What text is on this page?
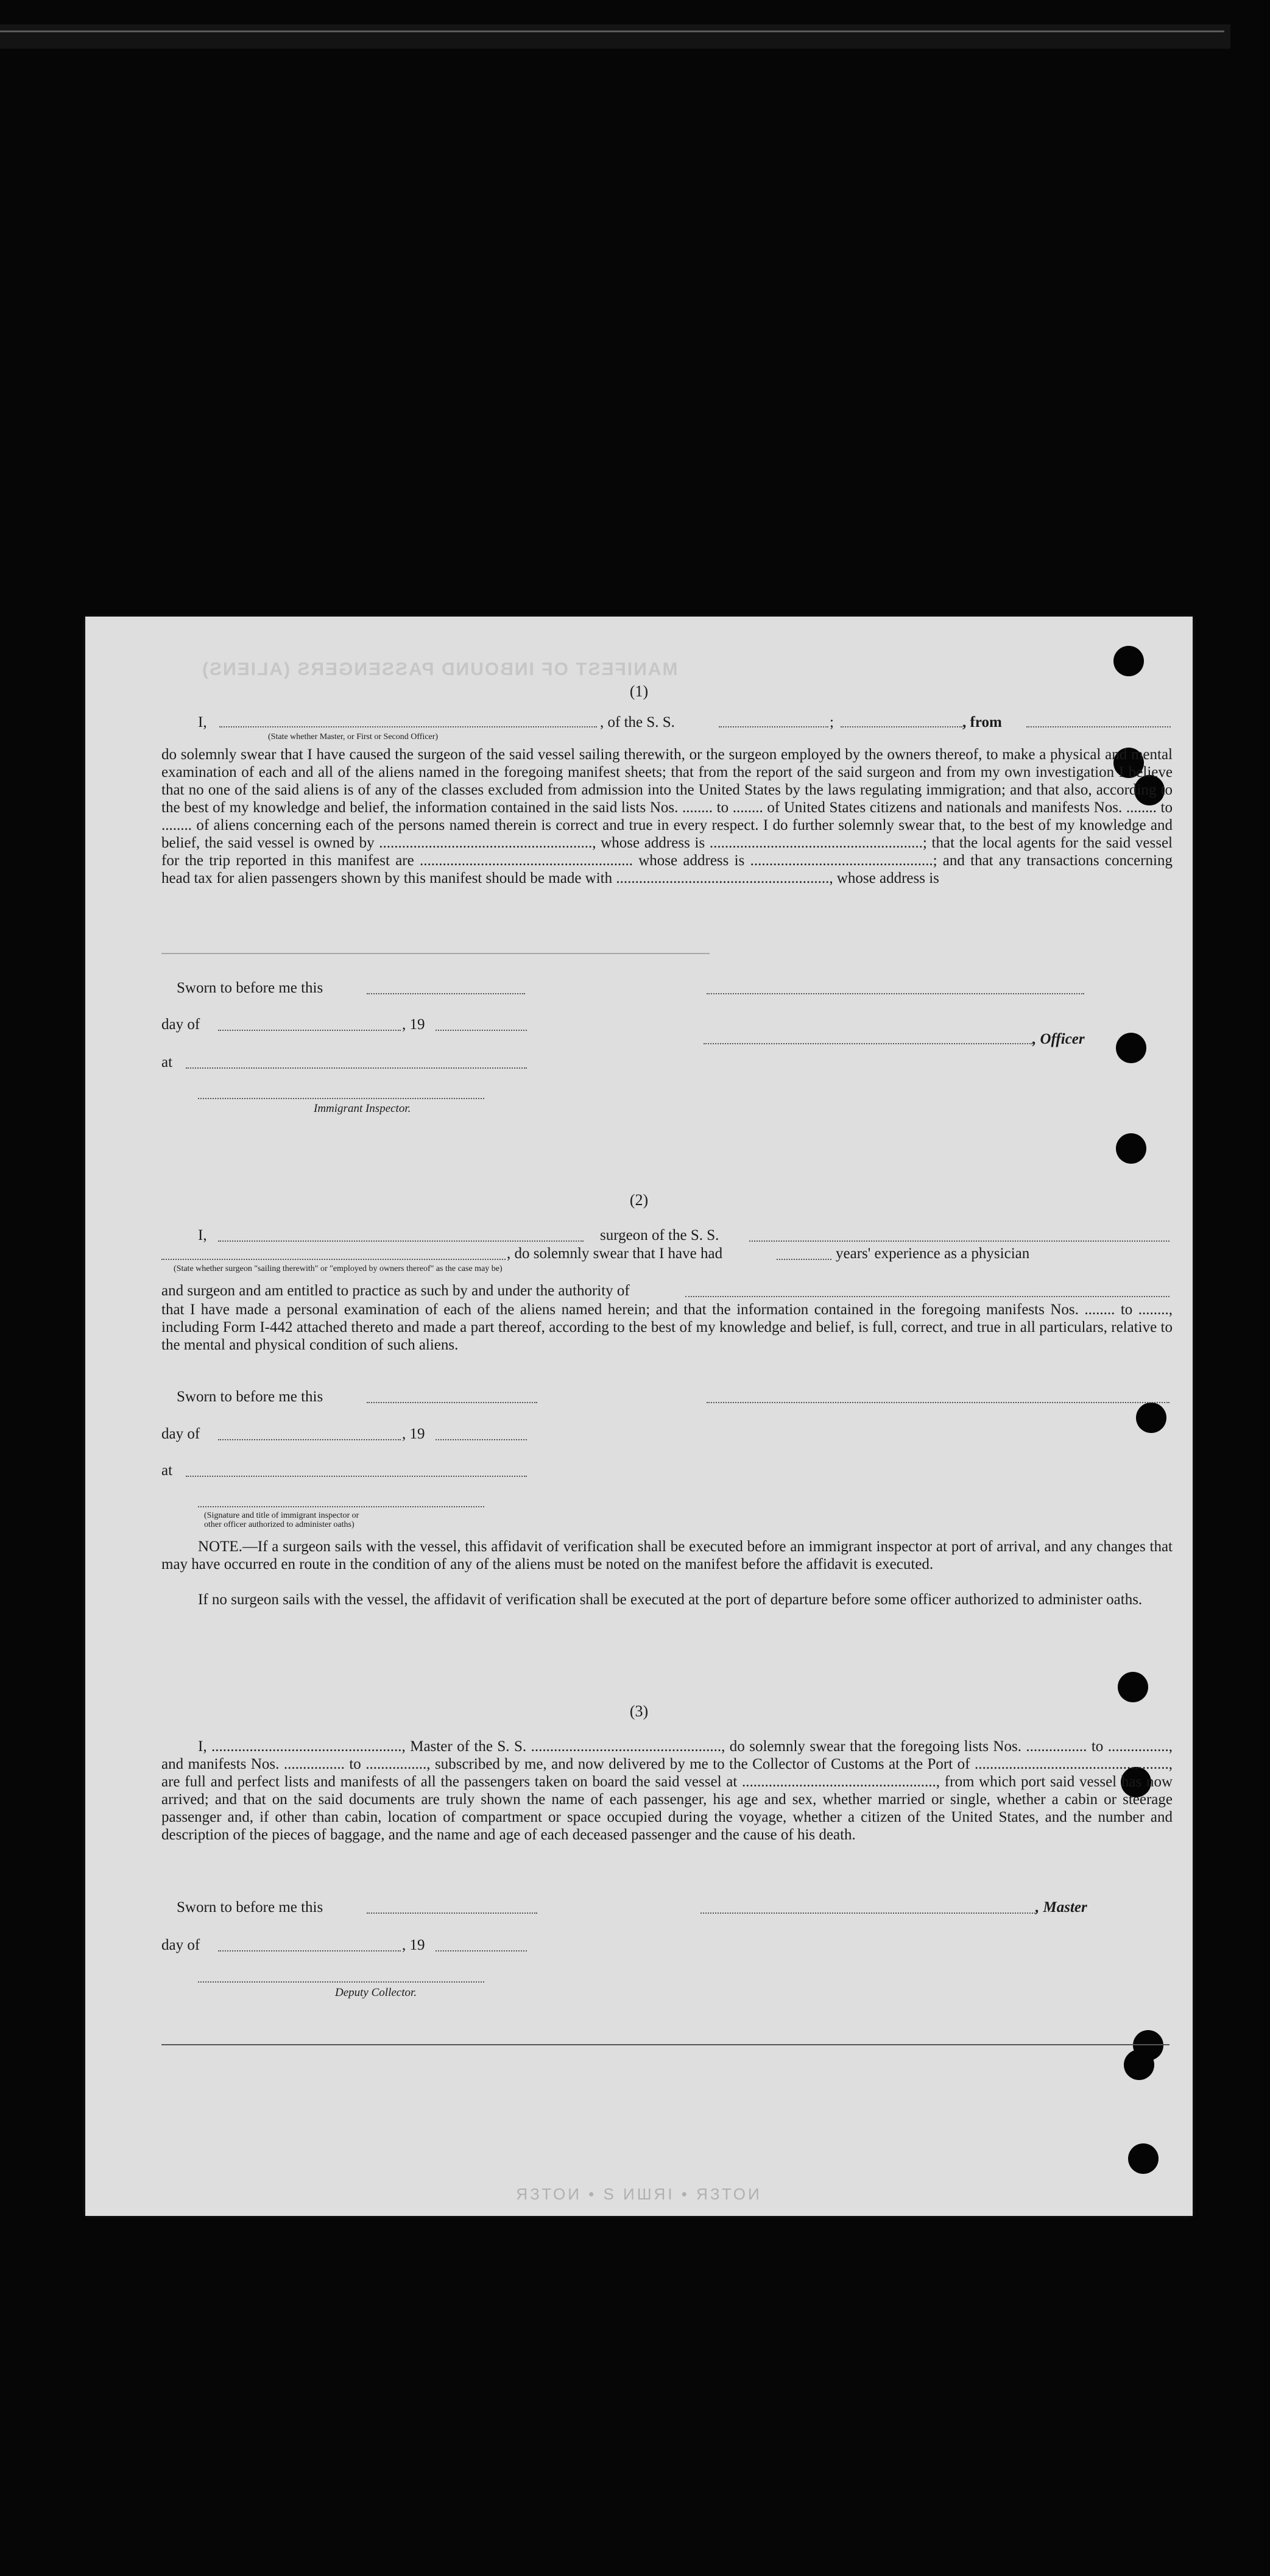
MANIFEST OF INBOUND PASSENGERS (ALIENS)
(1)
I,	, of the S. S.	;	, from
(State whether Master, or First or Second Officer)
do solemnly swear that I have caused the surgeon of the said vessel sailing therewith, or the surgeon employed by the owners thereof, to make a physical and mental examination of each and all of the aliens named in the foregoing manifest sheets; that from the report of the said surgeon and from my own investigation I believe that no one of the said aliens is of any of the classes excluded from admission into the United States by the laws regulating immigration; and that also, according to the best of my knowledge and belief, the information contained in the said lists Nos. ........ to ........ of United States citizens and nationals and manifests Nos. ........ to ........ of aliens concerning each of the persons named therein is correct and true in every respect. I do further solemnly swear that, to the best of my knowledge and belief, the said vessel is owned by ........................................................, whose address is ........................................................; that the local agents for the said vessel for the trip reported in this manifest are ........................................................ whose address is ................................................; and that any transactions concerning head tax for alien passengers shown by this manifest should be made with ........................................................, whose address is
Sworn to before me this
day of	, 19
, Officer
at
Immigrant Inspector.
(2)
I,	surgeon of the S. S.
, do solemnly swear that I have had	years' experience as a physician
(State whether surgeon "sailing therewith" or "employed by owners thereof" as the case may be)
and surgeon and am entitled to practice as such by and under the authority of
that I have made a personal examination of each of the aliens named herein; and that the information contained in the foregoing manifests Nos. ........ to ........, including Form I-442 attached thereto and made a part thereof, according to the best of my knowledge and belief, is full, correct, and true in all particulars, relative to the mental and physical condition of such aliens.
Sworn to before me this
day of	, 19
at
(Signature and title of immigrant inspector or
other officer authorized to administer oaths)
NOTE.—If a surgeon sails with the vessel, this affidavit of verification shall be executed before an immigrant inspector at port of arrival, and any changes that may have occurred en route in the condition of any of the aliens must be noted on the manifest before the affidavit is executed.
If no surgeon sails with the vessel, the affidavit of verification shall be executed at the port of departure before some officer authorized to administer oaths.
(3)
I, .................................................., Master of the S. S. .................................................., do solemnly swear that the foregoing lists Nos. ................ to ................, and manifests Nos. ................ to ................, subscribed by me, and now delivered by me to the Collector of Customs at the Port of ..................................................., are full and perfect lists and manifests of all the passengers taken on board the said vessel at ..................................................., from which port said vessel has now arrived; and that on the said documents are truly shown the name of each passenger, his age and sex, whether married or single, whether a cabin or steerage passenger and, if other than cabin, location of compartment or space occupied during the voyage, whether a citizen of the United States, and the number and description of the pieces of baggage, and the name and age of each deceased passenger and the cause of his death.
Sworn to before me this	, Master
day of	, 19
Deputy Collector.
ЯЗТОИ • S ИШЯІ • ЯЗТОИ
